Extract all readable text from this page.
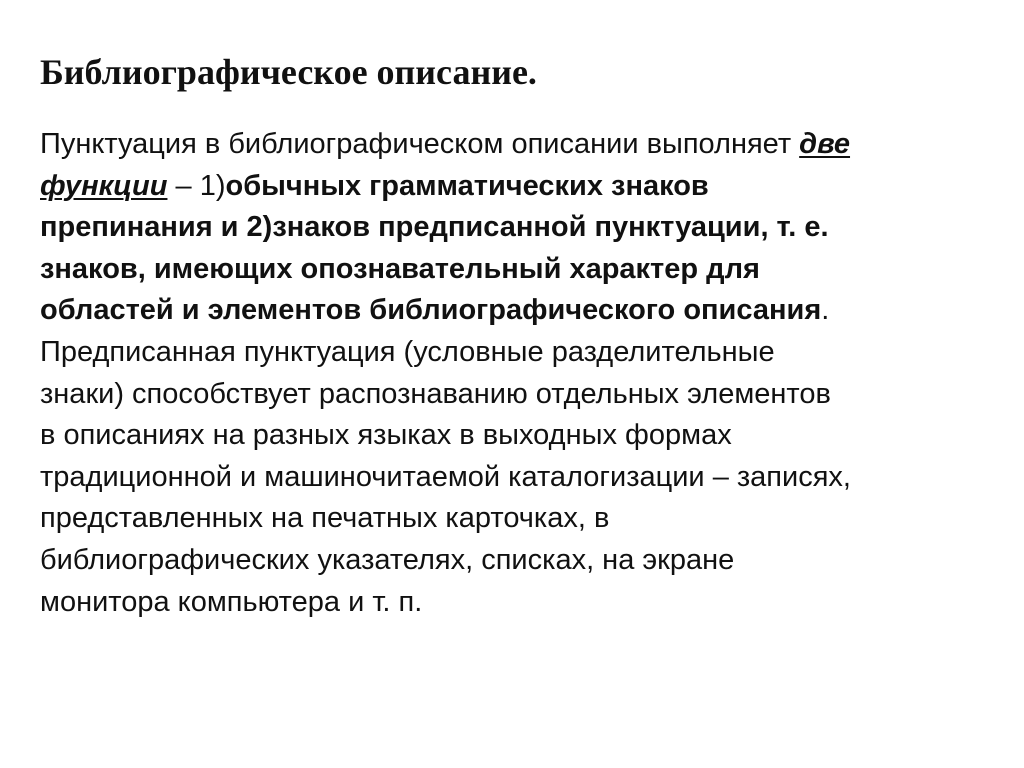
Библиографическое описание.
Пунктуация в библиографическом описании выполняет две
функции – 1)обычных грамматических знаков
препинания и 2)знаков предписанной пунктуации, т. е.
знаков, имеющих опознавательный характер для
областей и элементов библиографического описания.
Предписанная пунктуация (условные разделительные
знаки) способствует распознаванию отдельных элементов
в описаниях на разных языках в выходных формах
традиционной и машиночитаемой каталогизации – записях,
представленных на печатных карточках, в
библиографических указателях, списках, на экране
монитора компьютера и т. п.
